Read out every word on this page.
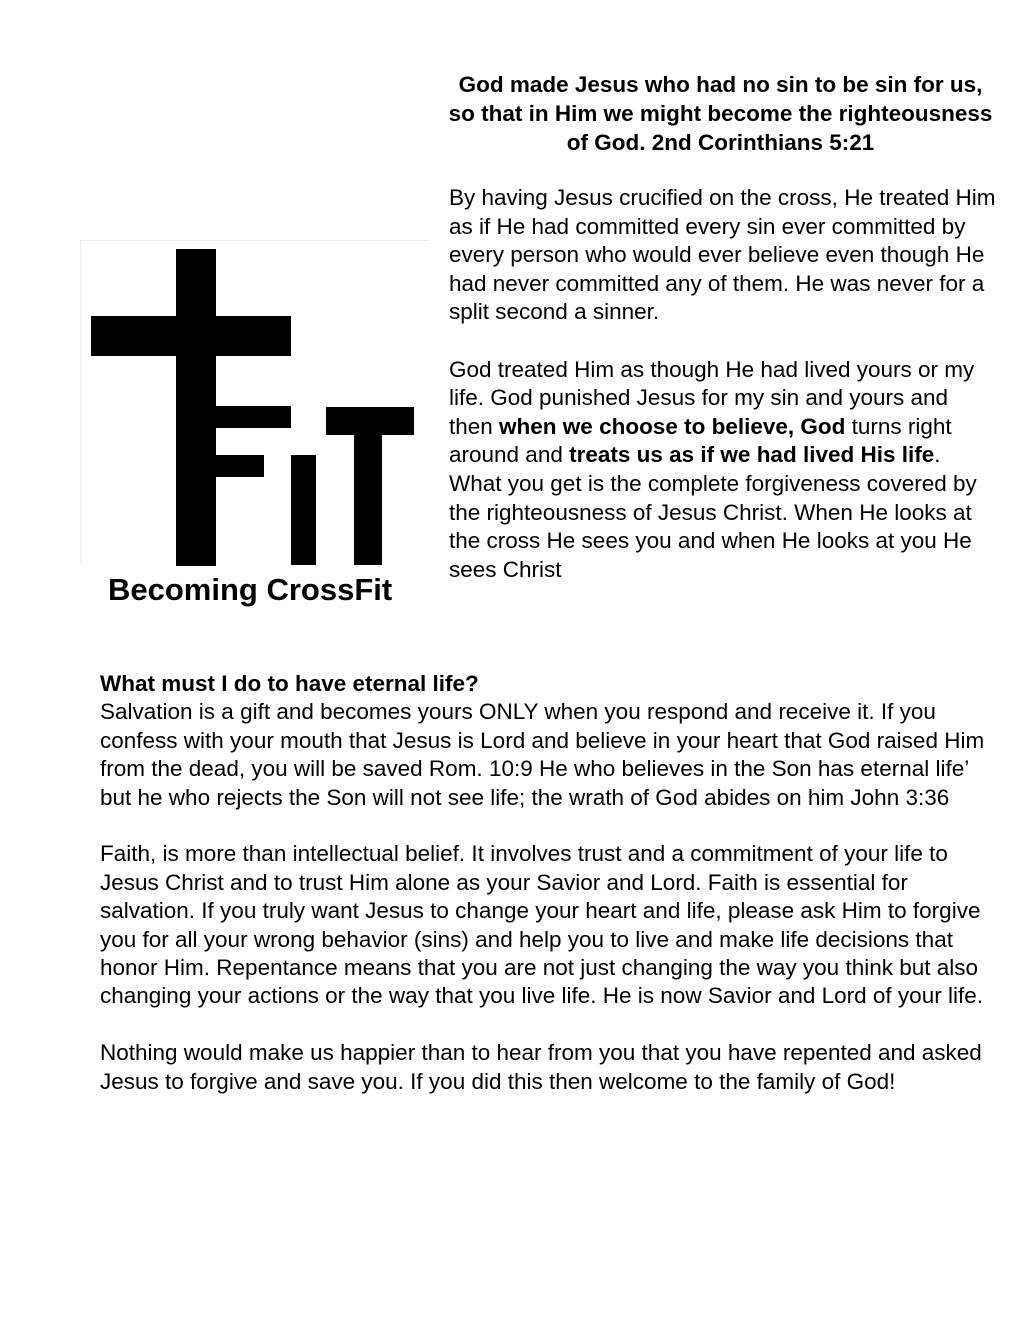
Becoming CrossFit

God made Jesus who had no sin to be sin for us, so that in Him we might become the righteousness of God. 2nd Corinthians 5:21

By having Jesus crucified on the cross, He treated Him as if He had committed every sin ever committed by every person who would ever believe even though He had never committed any of them. He was never for a split second a sinner.

God treated Him as though He had lived yours or my life. God punished Jesus for my sin and yours and then when we choose to believe, God turns right around and treats us as if we had lived His life. What you get is the complete forgiveness covered by the righteousness of Jesus Christ. When He looks at the cross He sees you and when He looks at you He sees Christ

What must I do to have eternal life?
Salvation is a gift and becomes yours ONLY when you respond and receive it. If you confess with your mouth that Jesus is Lord and believe in your heart that God raised Him from the dead, you will be saved Rom. 10:9 He who believes in the Son has eternal life’ but he who rejects the Son will not see life; the wrath of God abides on him John 3:36

Faith, is more than intellectual belief. It involves trust and a commitment of your life to Jesus Christ and to trust Him alone as your Savior and Lord. Faith is essential for salvation. If you truly want Jesus to change your heart and life, please ask Him to forgive you for all your wrong behavior (sins) and help you to live and make life decisions that honor Him. Repentance means that you are not just changing the way you think but also changing your actions or the way that you live life. He is now Savior and Lord of your life.

Nothing would make us happier than to hear from you that you have repented and asked Jesus to forgive and save you. If you did this then welcome to the family of God!
